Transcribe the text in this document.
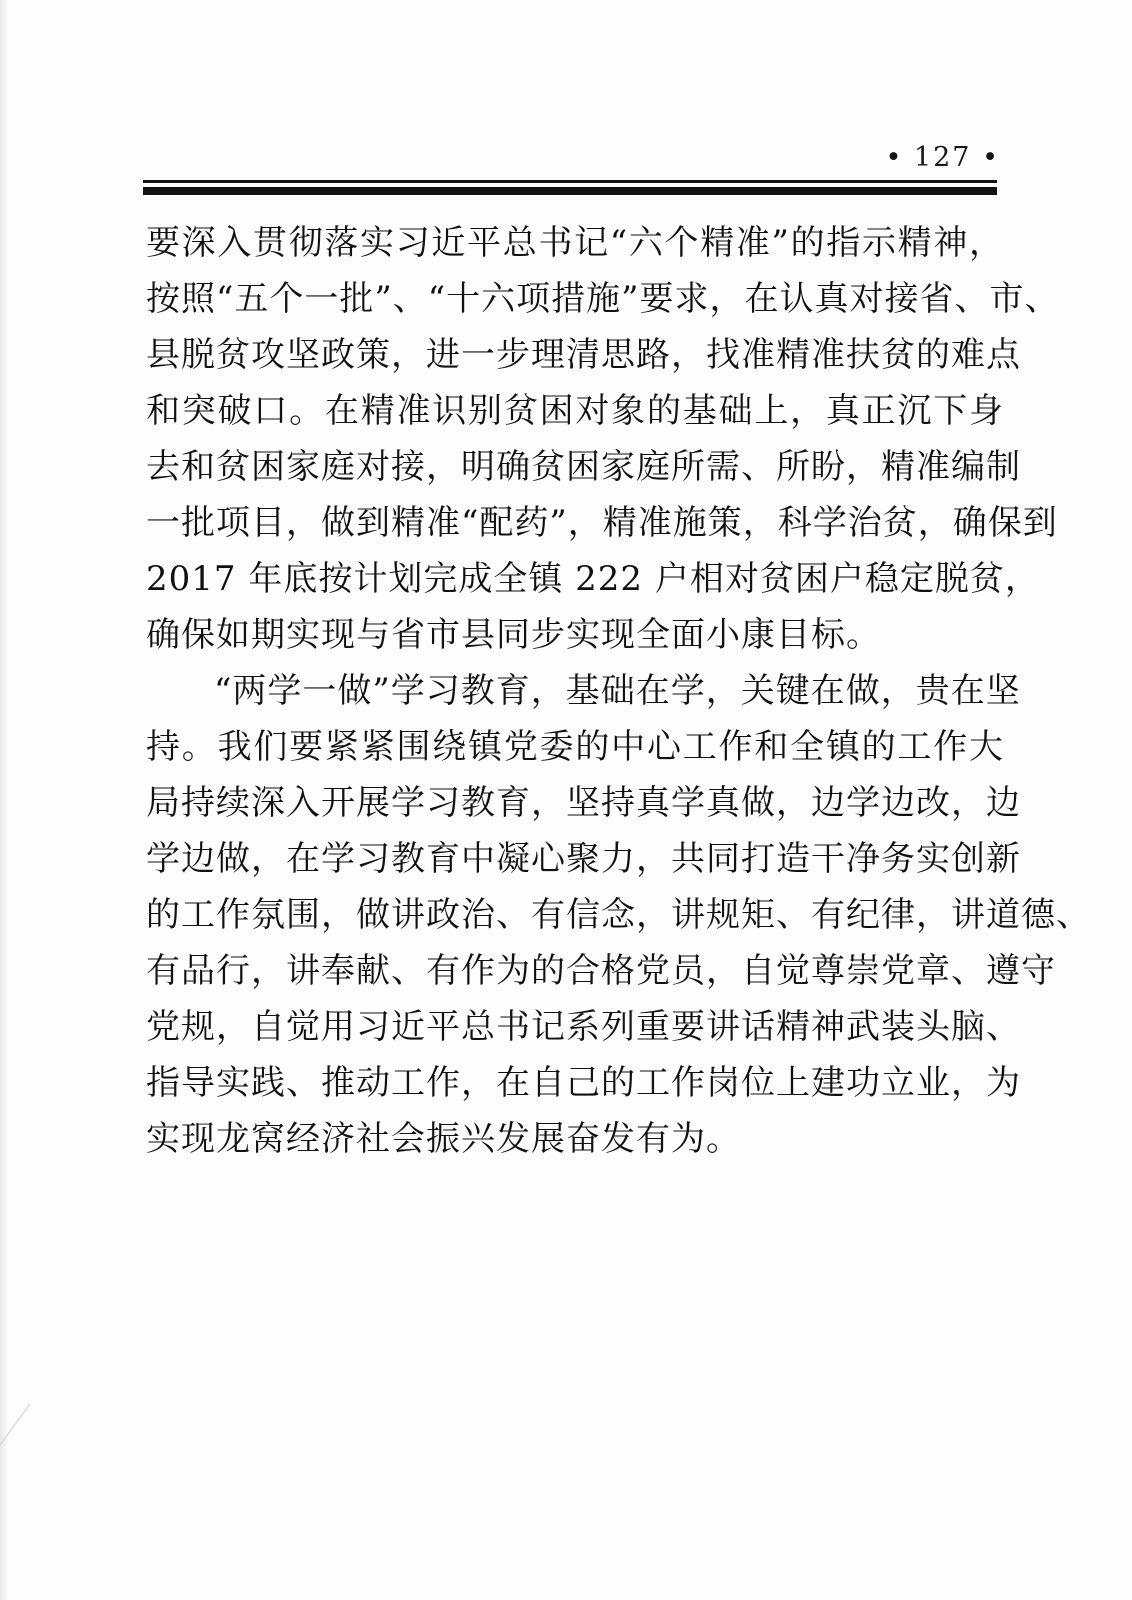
• 127 •

要深入贯彻落实习近平总书记“六个精准”的指示精神，
按照“五个一批”、“十六项措施”要求，在认真对接省、市、
县脱贫攻坚政策，进一步理清思路，找准精准扶贫的难点
和突破口。在精准识别贫困对象的基础上，真正沉下身
去和贫困家庭对接，明确贫困家庭所需、所盼，精准编制
一批项目，做到精准“配药”，精准施策，科学治贫，确保到
2017 年底按计划完成全镇 222 户相对贫困户稳定脱贫，
确保如期实现与省市县同步实现全面小康目标。

“两学一做”学习教育，基础在学，关键在做，贵在坚
持。我们要紧紧围绕镇党委的中心工作和全镇的工作大
局持续深入开展学习教育，坚持真学真做，边学边改，边
学边做，在学习教育中凝心聚力，共同打造干净务实创新
的工作氛围，做讲政治、有信念，讲规矩、有纪律，讲道德、
有品行，讲奉献、有作为的合格党员，自觉尊崇党章、遵守
党规，自觉用习近平总书记系列重要讲话精神武装头脑、
指导实践、推动工作，在自己的工作岗位上建功立业，为
实现龙窝经济社会振兴发展奋发有为。
